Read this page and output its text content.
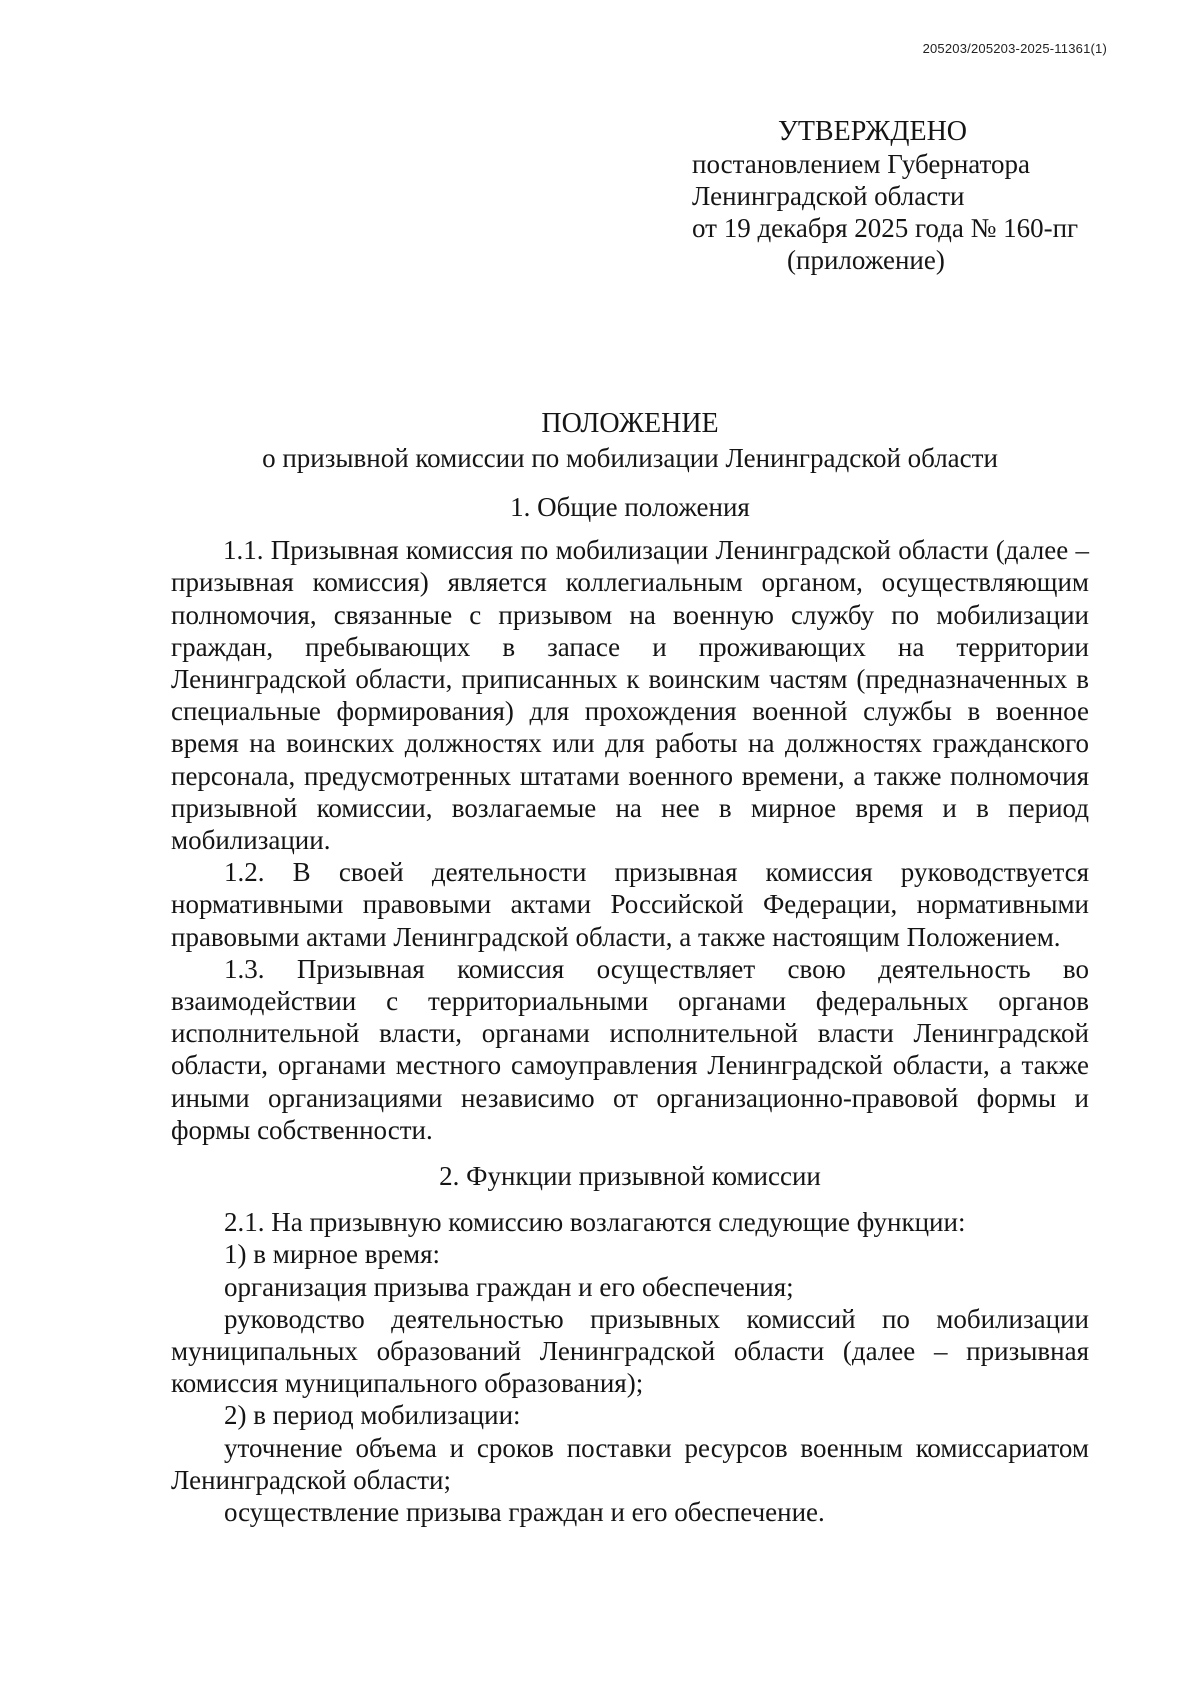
205203/205203-2025-11361(1)
УТВЕРЖДЕНО
постановлением Губернатора
Ленинградской области
от 19 декабря 2025 года № 160-пг
(приложение)
ПОЛОЖЕНИЕ
о призывной комиссии по мобилизации Ленинградской области

1. Общие положения

1.1. Призывная комиссия по мобилизации Ленинградской области (далее – призывная комиссия) является коллегиальным органом, осуществляющим полномочия, связанные с призывом на военную службу по мобилизации граждан, пребывающих в запасе и проживающих на территории Ленинградской области, приписанных к воинским частям (предназначенных в специальные формирования) для прохождения военной службы в военное время на воинских должностях или для работы на должностях гражданского персонала, предусмотренных штатами военного времени, а также полномочия призывной комиссии, возлагаемые на нее в мирное время и в период мобилизации.

1.2. В своей деятельности призывная комиссия руководствуется нормативными правовыми актами Российской Федерации, нормативными правовыми актами Ленинградской области, а также настоящим Положением.

1.3. Призывная комиссия осуществляет свою деятельность во взаимодействии с территориальными органами федеральных органов исполнительной власти, органами исполнительной власти Ленинградской области, органами местного самоуправления Ленинградской области, а также иными организациями независимо от организационно-правовой формы и формы собственности.

2. Функции призывной комиссии

2.1. На призывную комиссию возлагаются следующие функции:

1) в мирное время:

организация призыва граждан и его обеспечения;

руководство деятельностью призывных комиссий по мобилизации муниципальных образований Ленинградской области (далее – призывная комиссия муниципального образования);

2) в период мобилизации:

уточнение объема и сроков поставки ресурсов военным комиссариатом Ленинградской области;

осуществление призыва граждан и его обеспечение.
